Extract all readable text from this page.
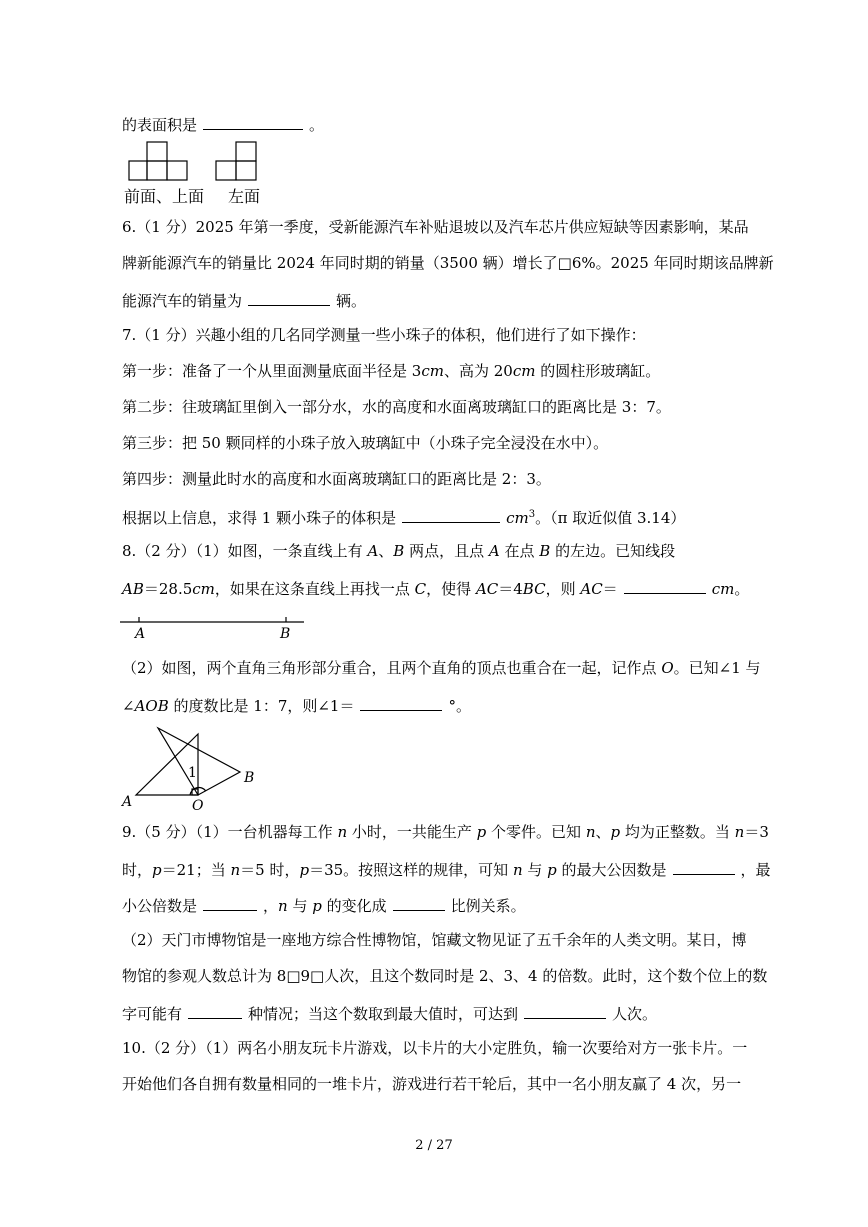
的表面积是	。
前面、上面 左面
6.（1 分）2025 年第一季度，受新能源汽车补贴退坡以及汽车芯片供应短缺等因素影响，某品
牌新能源汽车的销量比 2024 年同时期的销量（3500 辆）增长了□6%。2025 年同时期该品牌新
能源汽车的销量为	辆。
7.（1 分）兴趣小组的几名同学测量一些小珠子的体积，他们进行了如下操作：
第一步：准备了一个从里面测量底面半径是 3cm、高为 20cm 的圆柱形玻璃缸。
第二步：往玻璃缸里倒入一部分水，水的高度和水面离玻璃缸口的距离比是 3：7。
第三步：把 50 颗同样的小珠子放入玻璃缸中（小珠子完全浸没在水中）。
第四步：测量此时水的高度和水面离玻璃缸口的距离比是 2：3。
根据以上信息，求得 1 颗小珠子的体积是	$cm^3$。（π 取近似值 3.14）
8.（2 分）（1）如图，一条直线上有 A、B 两点，且点 A 在点 B 的左边。已知线段
AB＝28.5cm，如果在这条直线上再找一点 C，使得 AC＝4BC，则 AC＝	cm。
A	B
（2）如图，两个直角三角形部分重合，且两个直角的顶点也重合在一起，记作点 O。已知∠1 与
∠AOB 的度数比是 1：7，则∠1＝	°。
1
A
B
O
9.（5 分）（1）一台机器每工作 n 小时，一共能生产 p 个零件。已知 n、p 均为正整数。当 n＝3
时，p＝21；当 n＝5 时，p＝35。按照这样的规律，可知 n 与 p 的最大公因数是	，最
小公倍数是	，n 与 p 的变化成	比例关系。
（2）天门市博物馆是一座地方综合性博物馆，馆藏文物见证了五千余年的人类文明。某日，博
物馆的参观人数总计为 8□9□人次，且这个数同时是 2、3、4 的倍数。此时，这个数个位上的数
字可能有	种情况；当这个数取到最大值时，可达到	人次。
10.（2 分）（1）两名小朋友玩卡片游戏，以卡片的大小定胜负，输一次要给对方一张卡片。一
开始他们各自拥有数量相同的一堆卡片，游戏进行若干轮后，其中一名小朋友赢了 4 次，另一
2 / 27
